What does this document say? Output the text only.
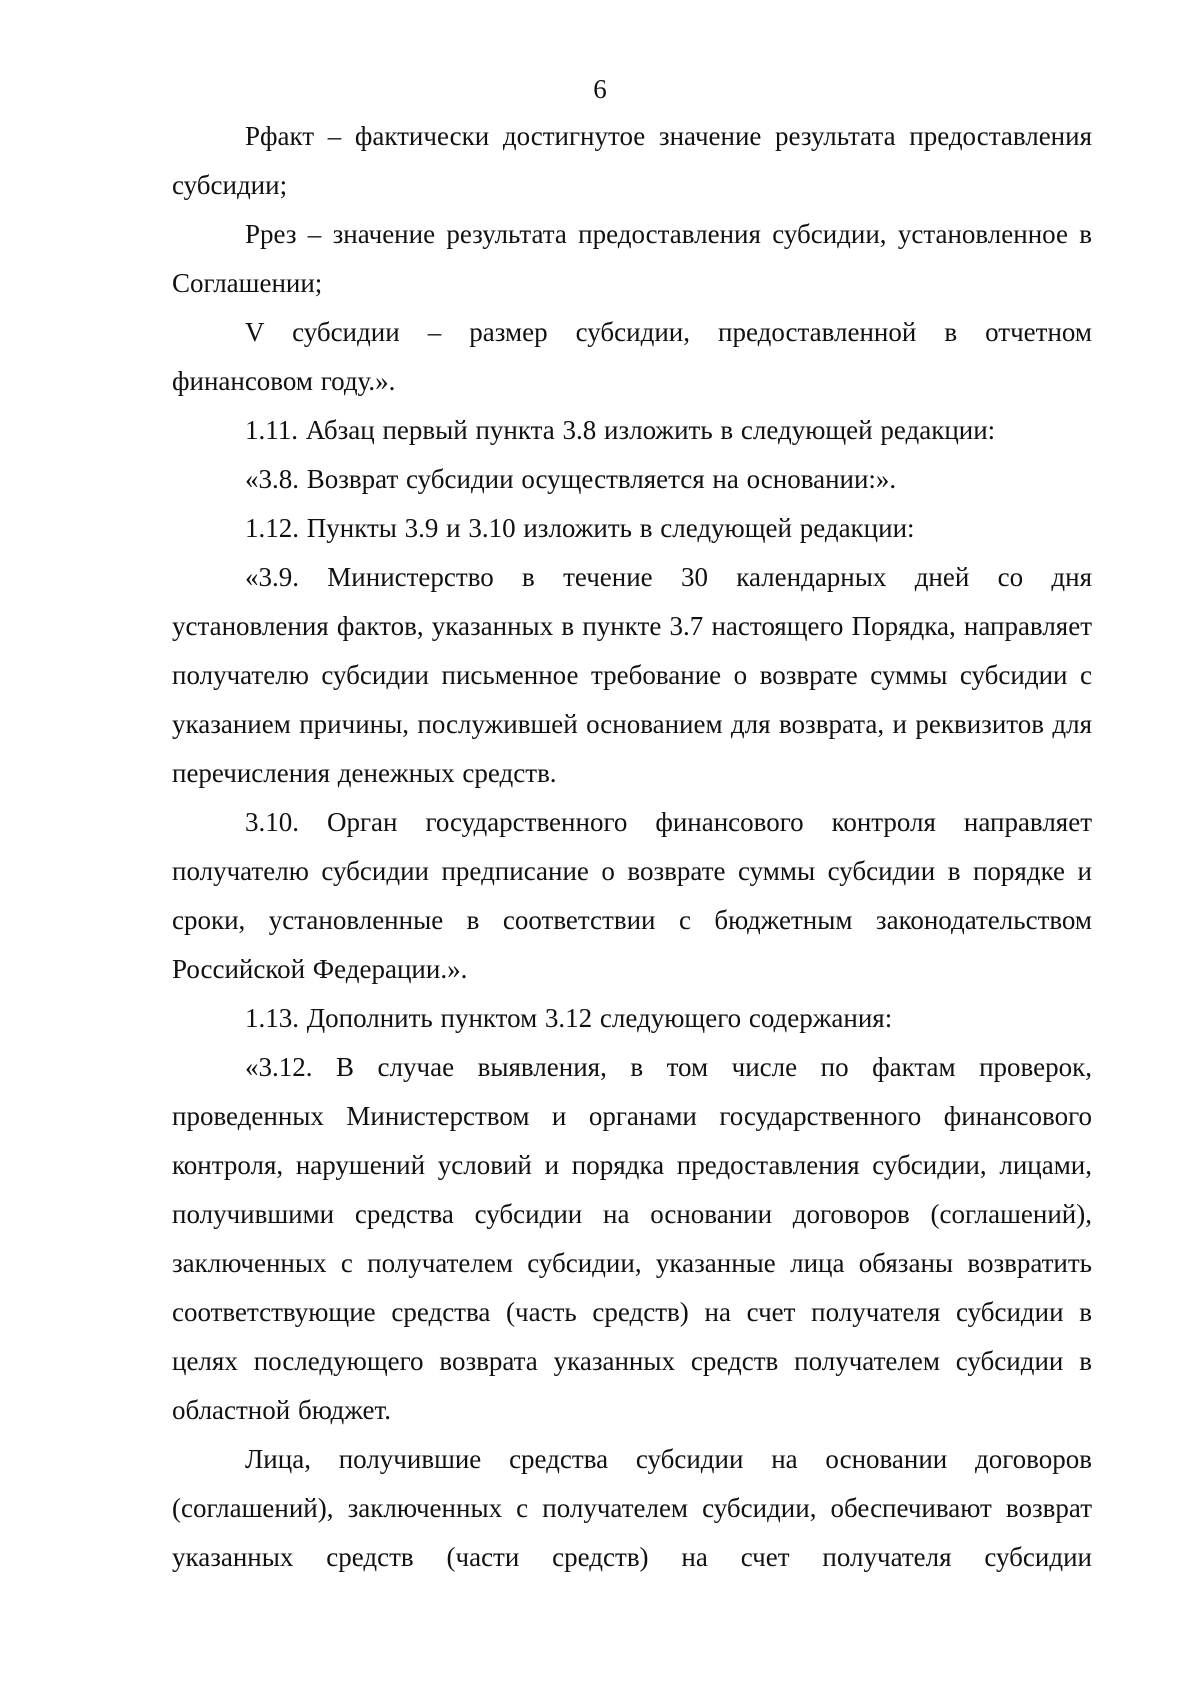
6

Рфакт – фактически достигнутое значение результата предоставления субсидии;

Ррез – значение результата предоставления субсидии, установленное в Соглашении;

V субсидии – размер субсидии, предоставленной в отчетном финансовом году.».

1.11. Абзац первый пункта 3.8 изложить в следующей редакции:

«3.8. Возврат субсидии осуществляется на основании:».

1.12. Пункты 3.9 и 3.10 изложить в следующей редакции:

«3.9. Министерство в течение 30 календарных дней со дня установления фактов, указанных в пункте 3.7 настоящего Порядка, направляет получателю субсидии письменное требование о возврате суммы субсидии с указанием причины, послужившей основанием для возврата, и реквизитов для перечисления денежных средств.

3.10. Орган государственного финансового контроля направляет получателю субсидии предписание о возврате суммы субсидии в порядке и сроки, установленные в соответствии с бюджетным законодательством Российской Федерации.».

1.13. Дополнить пунктом 3.12 следующего содержания:

«3.12. В случае выявления, в том числе по фактам проверок, проведенных Министерством и органами государственного финансового контроля, нарушений условий и порядка предоставления субсидии, лицами, получившими средства субсидии на основании договоров (соглашений), заключенных с получателем субсидии, указанные лица обязаны возвратить соответствующие средства (часть средств) на счет получателя субсидии в целях последующего возврата указанных средств получателем субсидии в областной бюджет.

Лица, получившие средства субсидии на основании договоров (соглашений), заключенных с получателем субсидии, обеспечивают возврат указанных средств (части средств) на счет получателя субсидии
